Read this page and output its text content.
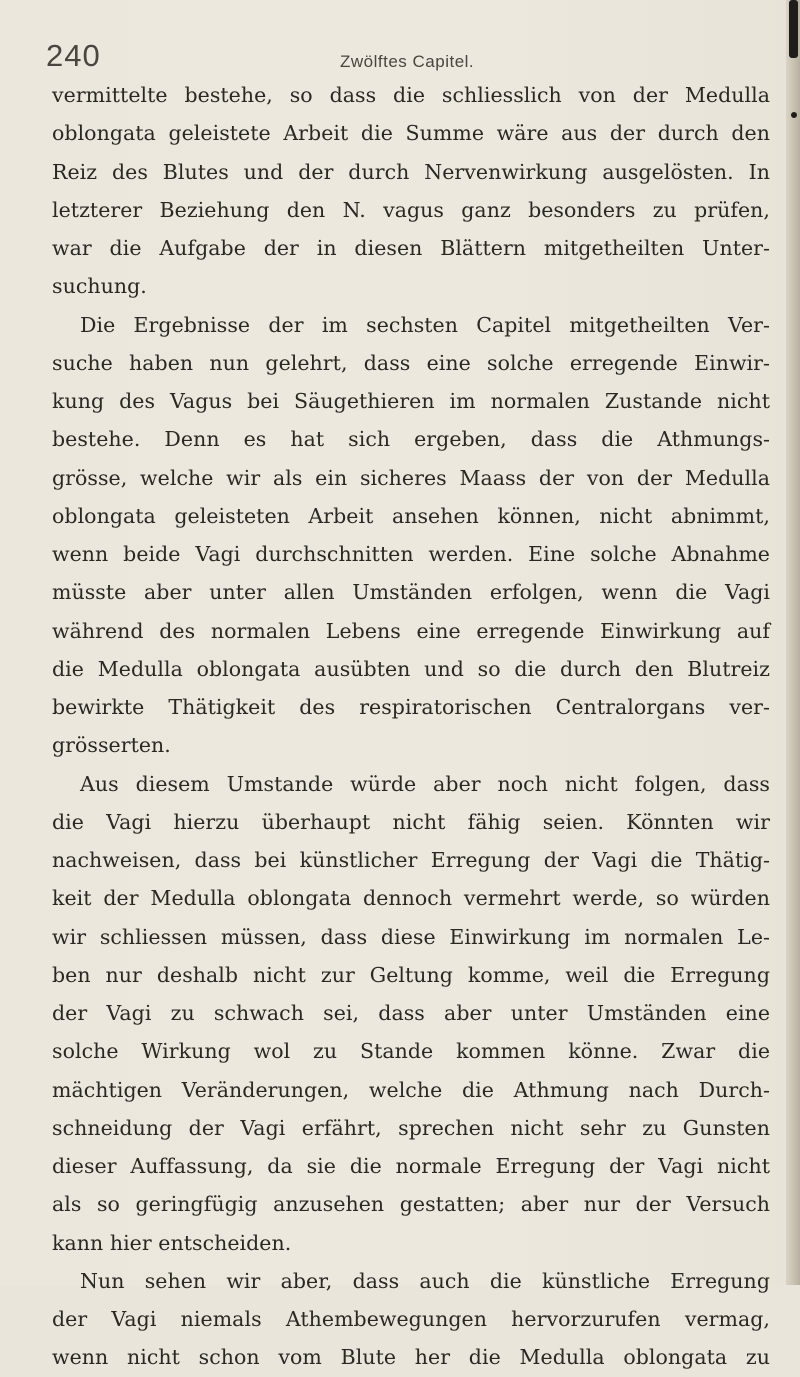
240	Zwölftes Capitel.
vermittelte bestehe, so dass die schliesslich von der Medulla
oblongata geleistete Arbeit die Summe wäre aus der durch den
Reiz des Blutes und der durch Nervenwirkung ausgelösten. In
letzterer Beziehung den N. vagus ganz besonders zu prüfen,
war die Aufgabe der in diesen Blättern mitgetheilten Unter-
suchung.
Die Ergebnisse der im sechsten Capitel mitgetheilten Ver-
suche haben nun gelehrt, dass eine solche erregende Einwir-
kung des Vagus bei Säugethieren im normalen Zustande nicht
bestehe. Denn es hat sich ergeben, dass die Athmungs-
grösse, welche wir als ein sicheres Maass der von der Medulla
oblongata geleisteten Arbeit ansehen können, nicht abnimmt,
wenn beide Vagi durchschnitten werden. Eine solche Abnahme
müsste aber unter allen Umständen erfolgen, wenn die Vagi
während des normalen Lebens eine erregende Einwirkung auf
die Medulla oblongata ausübten und so die durch den Blutreiz
bewirkte Thätigkeit des respiratorischen Centralorgans ver-
grösserten.
Aus diesem Umstande würde aber noch nicht folgen, dass
die Vagi hierzu überhaupt nicht fähig seien. Könnten wir
nachweisen, dass bei künstlicher Erregung der Vagi die Thätig-
keit der Medulla oblongata dennoch vermehrt werde, so würden
wir schliessen müssen, dass diese Einwirkung im normalen Le-
ben nur deshalb nicht zur Geltung komme, weil die Erregung
der Vagi zu schwach sei, dass aber unter Umständen eine
solche Wirkung wol zu Stande kommen könne. Zwar die
mächtigen Veränderungen, welche die Athmung nach Durch-
schneidung der Vagi erfährt, sprechen nicht sehr zu Gunsten
dieser Auffassung, da sie die normale Erregung der Vagi nicht
als so geringfügig anzusehen gestatten; aber nur der Versuch
kann hier entscheiden.
Nun sehen wir aber, dass auch die künstliche Erregung
der Vagi niemals Athembewegungen hervorzurufen vermag,
wenn nicht schon vom Blute her die Medulla oblongata zu
